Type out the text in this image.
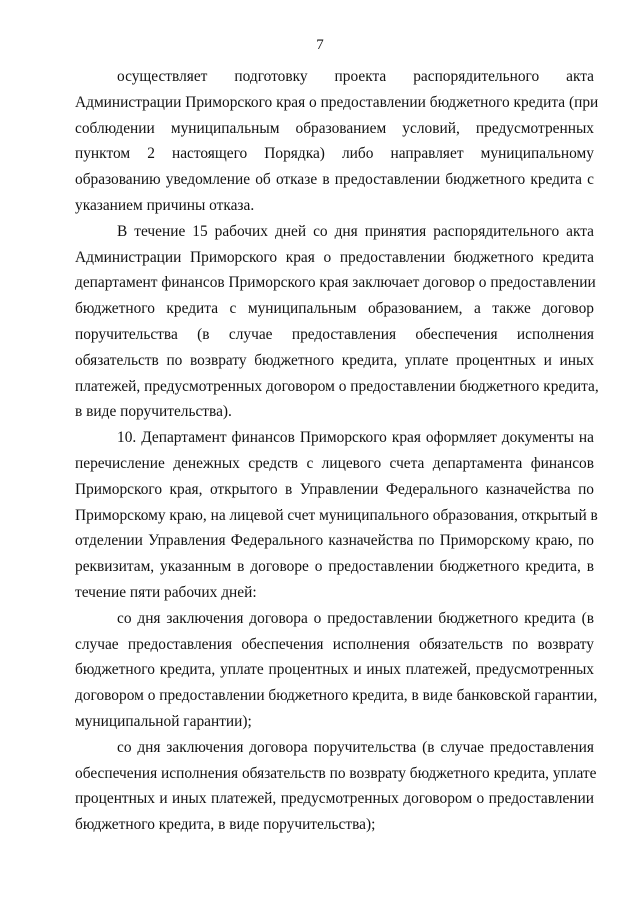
7

осуществляет подготовку проекта распорядительного акта
Администрации Приморского края о предоставлении бюджетного кредита (при
соблюдении муниципальным образованием условий, предусмотренных
пунктом 2 настоящего Порядка) либо направляет муниципальному
образованию уведомление об отказе в предоставлении бюджетного кредита с
указанием причины отказа.

В течение 15 рабочих дней со дня принятия распорядительного акта
Администрации Приморского края о предоставлении бюджетного кредита
департамент финансов Приморского края заключает договор о предоставлении
бюджетного кредита с муниципальным образованием, а также договор
поручительства (в случае предоставления обеспечения исполнения
обязательств по возврату бюджетного кредита, уплате процентных и иных
платежей, предусмотренных договором о предоставлении бюджетного кредита,
в виде поручительства).

10. Департамент финансов Приморского края оформляет документы на
перечисление денежных средств с лицевого счета департамента финансов
Приморского края, открытого в Управлении Федерального казначейства по
Приморскому краю, на лицевой счет муниципального образования, открытый в
отделении Управления Федерального казначейства по Приморскому краю, по
реквизитам, указанным в договоре о предоставлении бюджетного кредита, в
течение пяти рабочих дней:

со дня заключения договора о предоставлении бюджетного кредита (в
случае предоставления обеспечения исполнения обязательств по возврату
бюджетного кредита, уплате процентных и иных платежей, предусмотренных
договором о предоставлении бюджетного кредита, в виде банковской гарантии,
муниципальной гарантии);

со дня заключения договора поручительства (в случае предоставления
обеспечения исполнения обязательств по возврату бюджетного кредита, уплате
процентных и иных платежей, предусмотренных договором о предоставлении
бюджетного кредита, в виде поручительства);
